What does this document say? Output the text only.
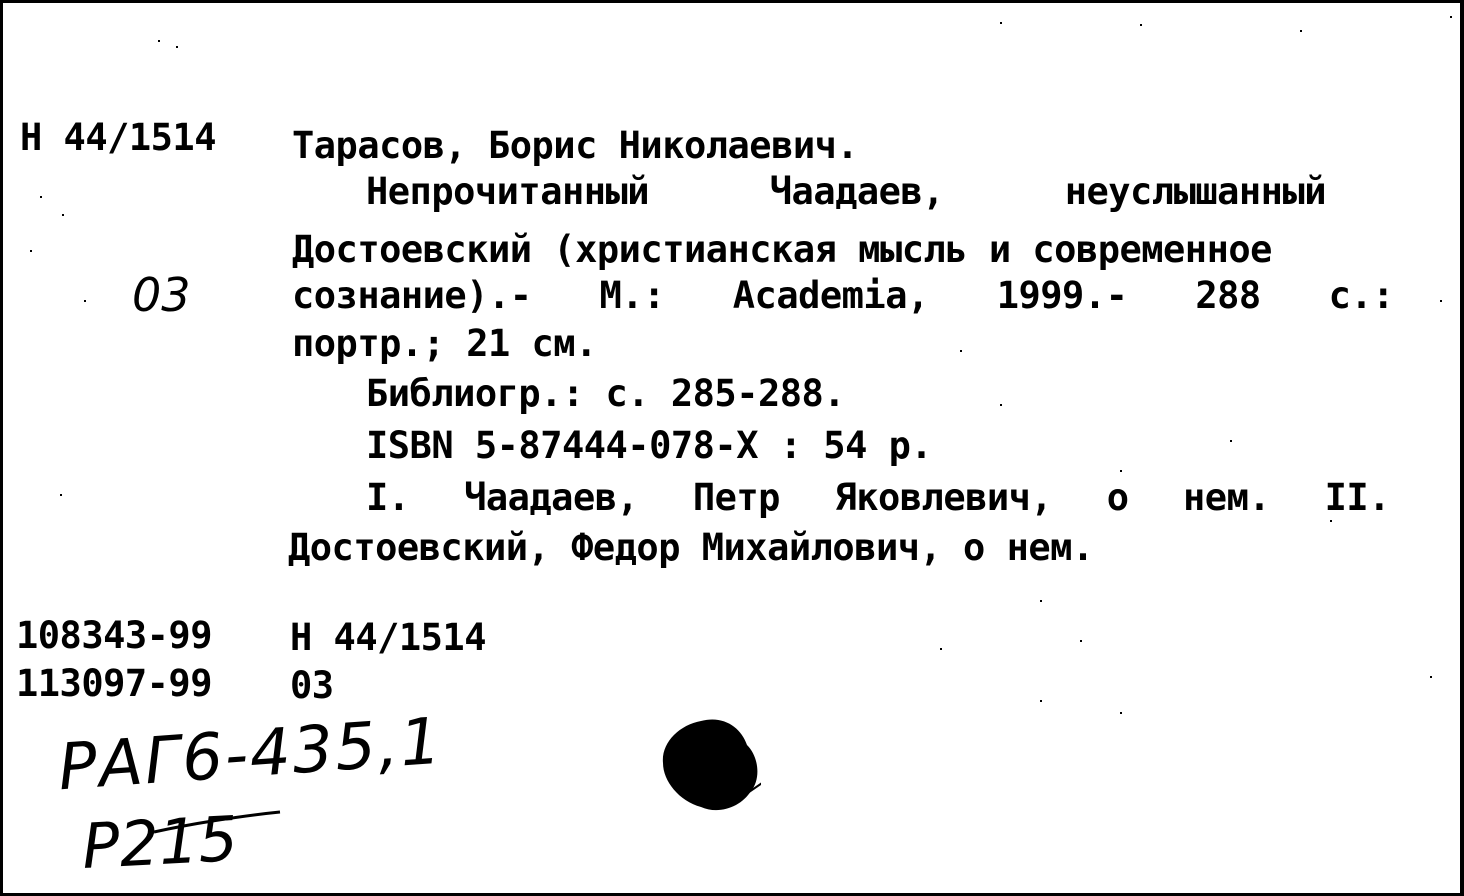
Н 44/1514 Тарасов, Борис Николаевич.
Непрочитанный	Чаадаев,	неуслышанный
Достоевский (христианская мысль и современное
03	сознание).- М.: Academia, 1999.- 288 с.:
портр.; 21 см.
Библиогр.: с. 285-288.
ISBN 5-87444-078-X : 54 р.
I. Чаадаев, Петр Яковлевич, о нем. II.
Достоевский, Федор Михайлович, о нем.
108343-99 Н 44/1514
113097-99 03
РАГ6-435,1
Р215
